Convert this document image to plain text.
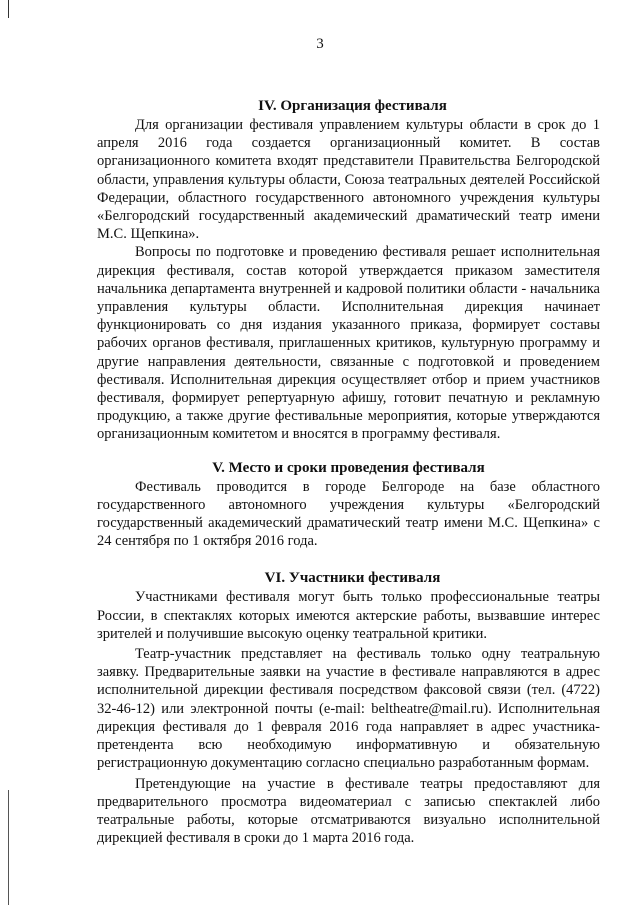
3
IV. Организация фестиваля

Для организации фестиваля управлением культуры области в срок до 1 апреля 2016 года создается организационный комитет. В состав организационного комитета входят представители Правительства Белгородской области, управления культуры области, Союза театральных деятелей Российской Федерации, областного государственного автономного учреждения культуры «Белгородский государственный академический драматический театр имени М.С. Щепкина».

Вопросы по подготовке и проведению фестиваля решает исполнительная дирекция фестиваля, состав которой утверждается приказом заместителя начальника департамента внутренней и кадровой политики области - начальника управления культуры области. Исполнительная дирекция начинает функционировать со дня издания указанного приказа, формирует составы рабочих органов фестиваля, приглашенных критиков, культурную программу и другие направления деятельности, связанные с подготовкой и проведением фестиваля. Исполнительная дирекция осуществляет отбор и прием участников фестиваля, формирует репертуарную афишу, готовит печатную и рекламную продукцию, а также другие фестивальные мероприятия, которые утверждаются организационным комитетом и вносятся в программу фестиваля.

V. Место и сроки проведения фестиваля

Фестиваль проводится в городе Белгороде на базе областного государственного автономного учреждения культуры «Белгородский государственный академический драматический театр имени М.С. Щепкина» с 24 сентября по 1 октября 2016 года.

VI. Участники фестиваля

Участниками фестиваля могут быть только профессиональные театры России, в спектаклях которых имеются актерские работы, вызвавшие интерес зрителей и получившие высокую оценку театральной критики.

Театр-участник представляет на фестиваль только одну театральную заявку. Предварительные заявки на участие в фестивале направляются в адрес исполнительной дирекции фестиваля посредством факсовой связи (тел. (4722) 32-46-12) или электронной почты (e-mail: beltheatre@mail.ru). Исполнительная дирекция фестиваля до 1 февраля 2016 года направляет в адрес участника-претендента всю необходимую информативную и обязательную регистрационную документацию согласно специально разработанным формам.

Претендующие на участие в фестивале театры предоставляют для предварительного просмотра видеоматериал с записью спектаклей либо театральные работы, которые отсматриваются визуально исполнительной дирекцией фестиваля в сроки до 1 марта 2016 года.
